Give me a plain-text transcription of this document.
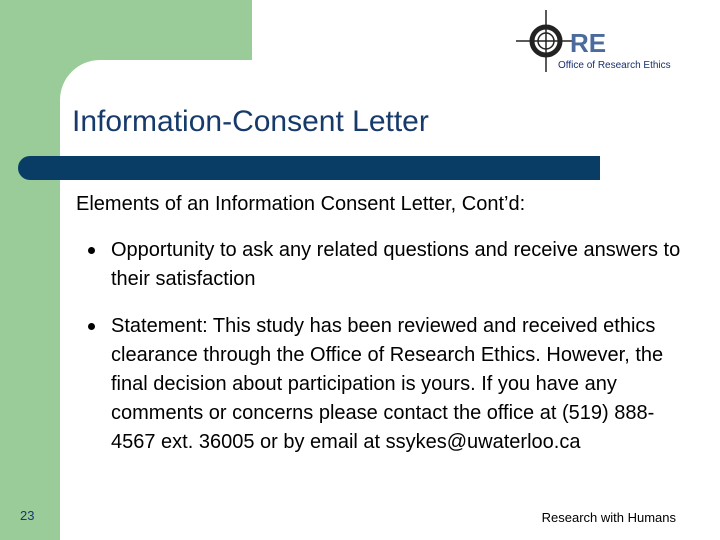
RE
Office of Research Ethics
Information-Consent Letter
Elements of an Information Consent Letter, Cont’d:
Opportunity to ask any related questions and receive answers to their satisfaction
Statement: This study has been reviewed and received ethics clearance through the Office of Research Ethics. However, the final decision about participation is yours. If you have any comments or concerns please contact the office at (519) 888-4567 ext. 36005 or by email at ssykes@uwaterloo.ca
23	Research with Humans
